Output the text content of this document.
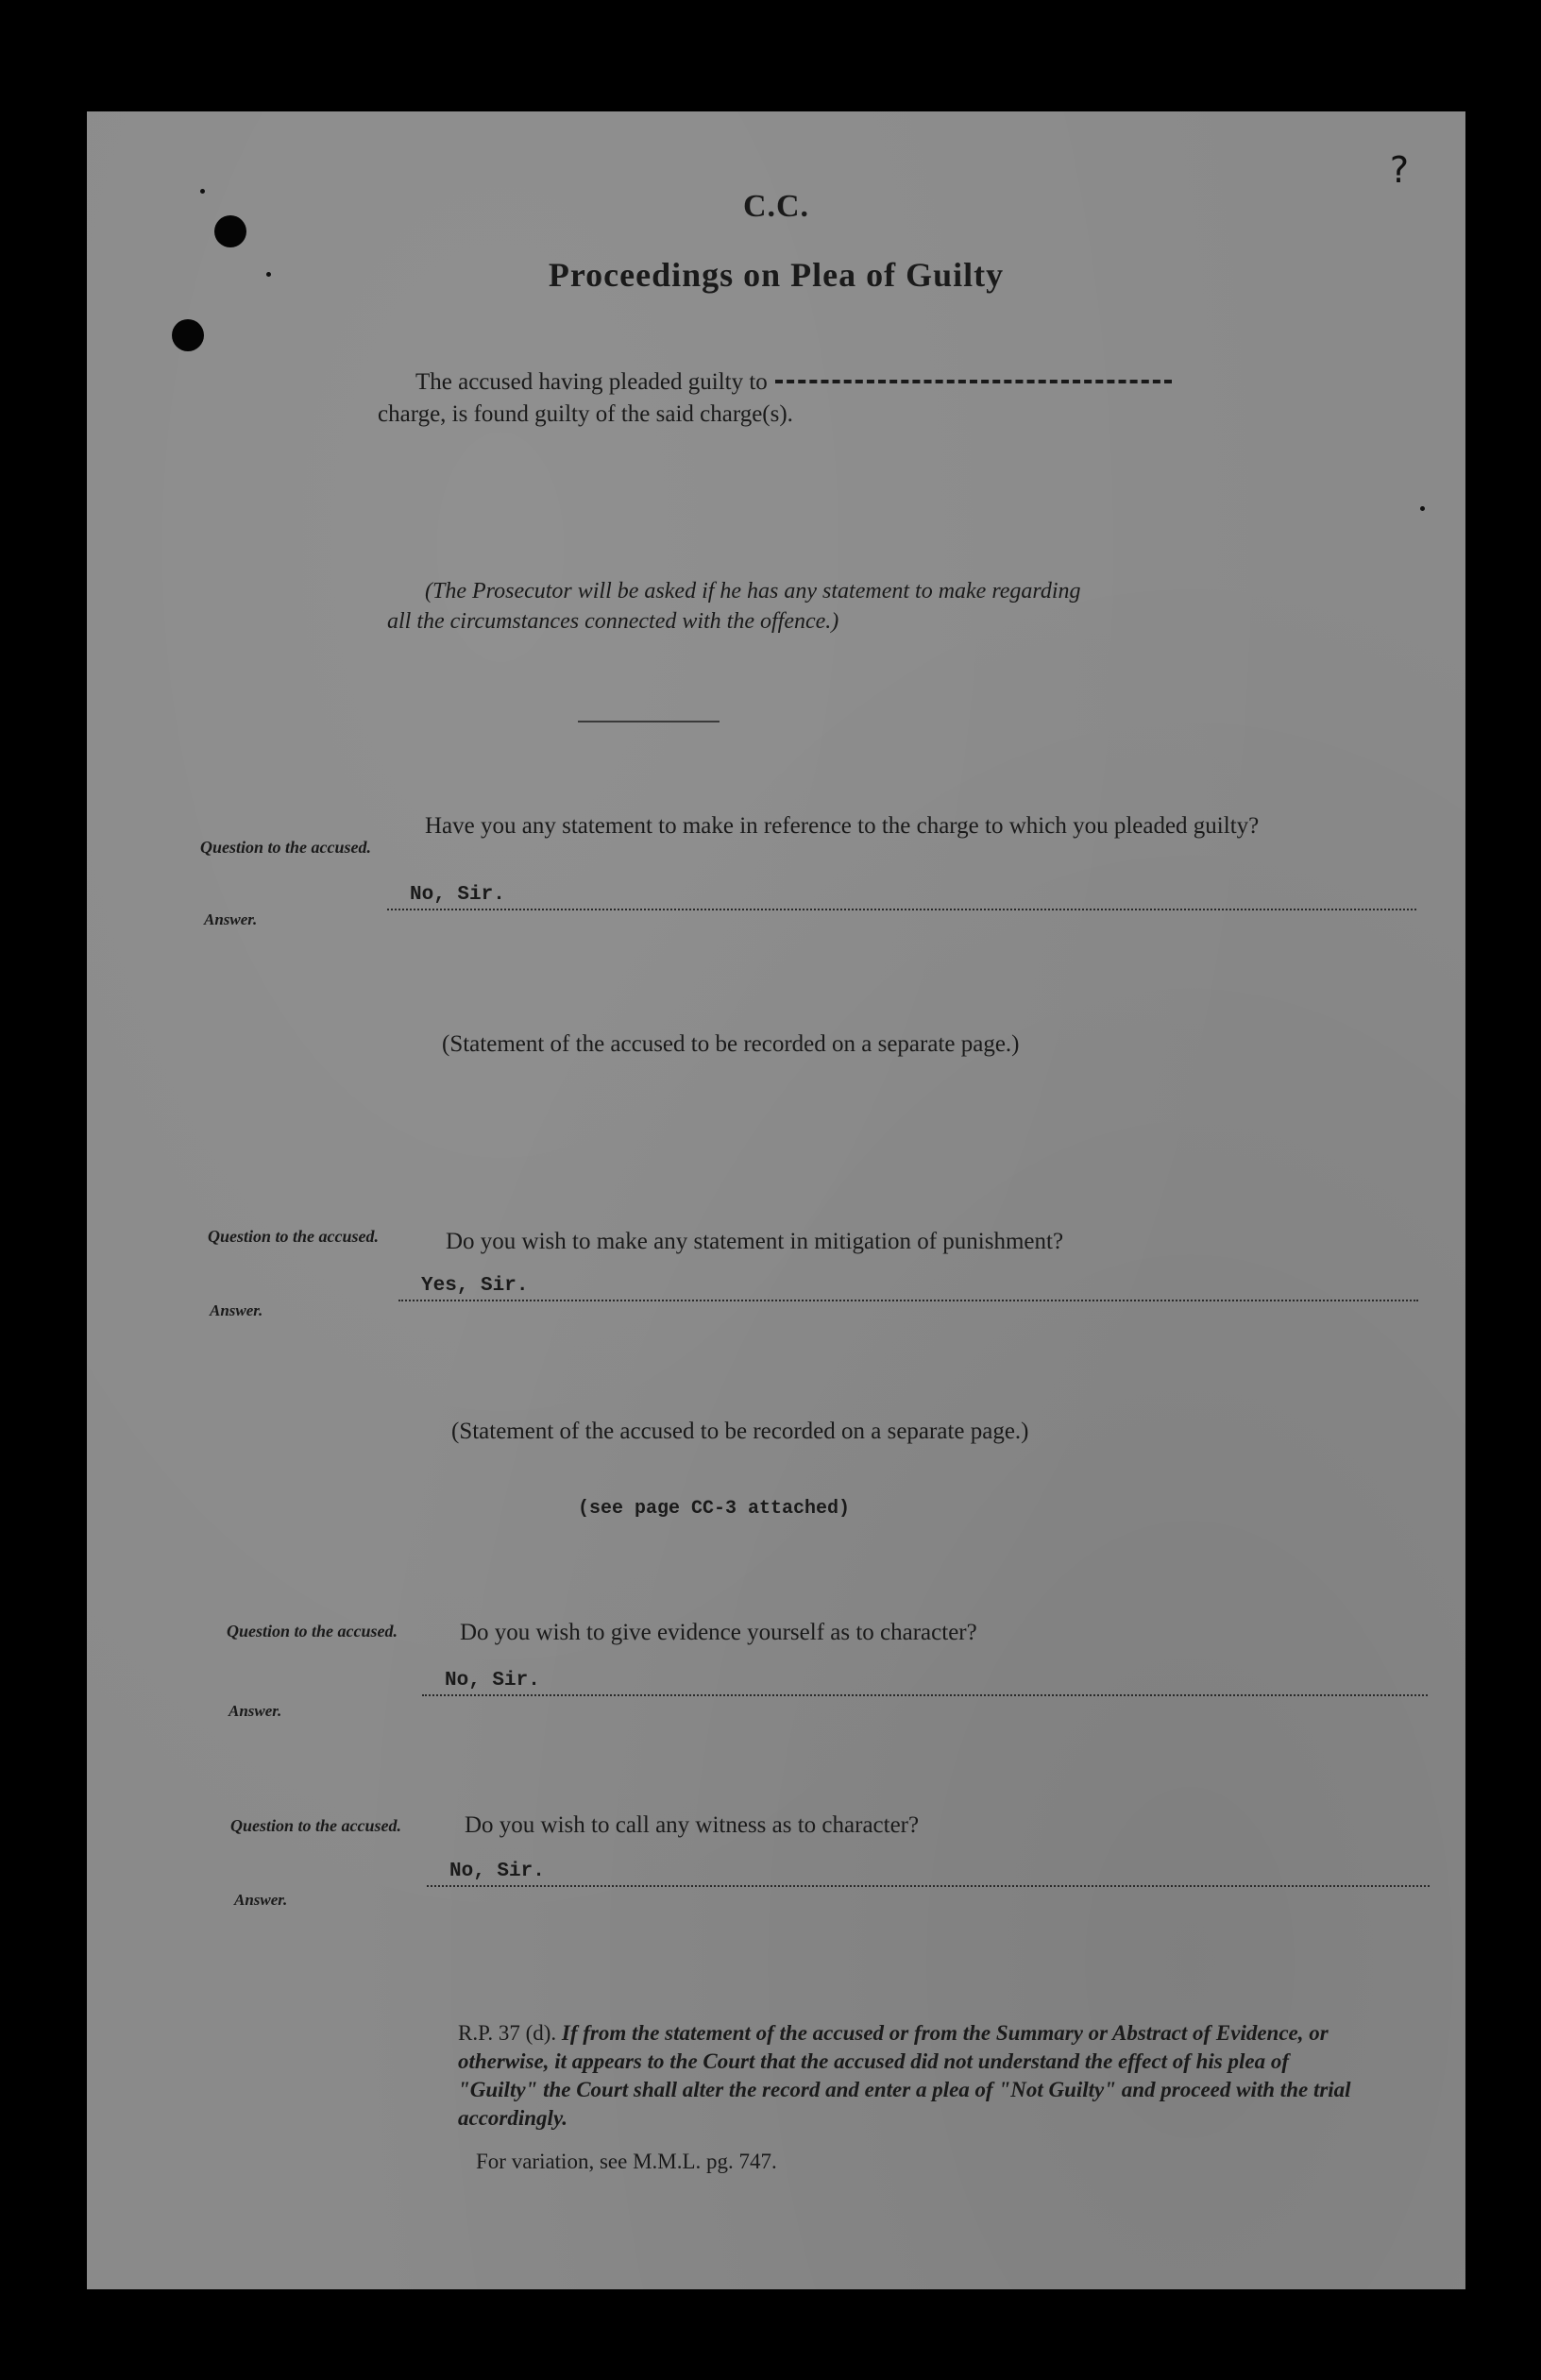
?
C.C.
Proceedings on Plea of Guilty
The accused having pleaded guilty to
charge, is found guilty of the said charge(s).
(The Prosecutor will be asked if he has any statement to make regarding
all the circumstances connected with the offence.)
Question to the accused.
Have you any statement to make in reference to the charge to which you pleaded guilty?
Answer.
No, Sir.
(Statement of the accused to be recorded on a separate page.)
Question to the accused.	Do you wish to make any statement in mitigation of punishment?
Answer.
Yes, Sir.
(Statement of the accused to be recorded on a separate page.)
(see page CC-3 attached)
Question to the accused.	Do you wish to give evidence yourself as to character?
Answer.
No, Sir.
Question to the accused.	Do you wish to call any witness as to character?
Answer.
No, Sir.
R.P. 37 (d). If from the statement of the accused or from the Summary or Abstract of Evidence, or otherwise, it appears to the Court that the accused did not understand the effect of his plea of "Guilty" the Court shall alter the record and enter a plea of "Not Guilty" and proceed with the trial accordingly.
For variation, see M.M.L. pg. 747.
